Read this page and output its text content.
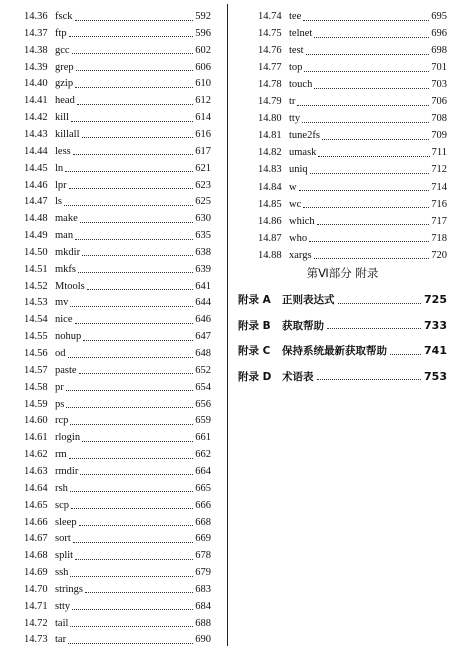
14.36 fsck	592
14.37 ftp	596
14.38 gcc	602
14.39 grep	606
14.40 gzip	610
14.41 head	612
14.42 kill	614
14.43 killall	616
14.44 less	617
14.45 ln	621
14.46 lpr	623
14.47 ls	625
14.48 make	630
14.49 man	635
14.50 mkdir	638
14.51 mkfs	639
14.52 Mtools	641
14.53 mv	644
14.54 nice	646
14.55 nohup	647
14.56 od	648
14.57 paste	652
14.58 pr	654
14.59 ps	656
14.60 rcp	659
14.61 rlogin	661
14.62 rm	662
14.63 rmdir	664
14.64 rsh	665
14.65 scp	666
14.66 sleep	668
14.67 sort	669
14.68 split	678
14.69 ssh	679
14.70 strings	683
14.71 stty	684
14.72 tail	688
14.73 tar	690
第Ⅵ部分 附录
14.74 tee	695
14.75 telnet	696
14.76 test	698
14.77 top	701
14.78 touch	703
14.79 tr	706
14.80 tty	708
14.81 tune2fs	709
14.82 umask	711
14.83 uniq	712
14.84 w	714
14.85 wc	716
14.86 which	717
14.87 who	718
14.88 xargs	720
附录 A	正则表达式	725
附录 B	获取帮助	733
附录 C	保持系统最新获取帮助	741
附录 D	术语表	753
